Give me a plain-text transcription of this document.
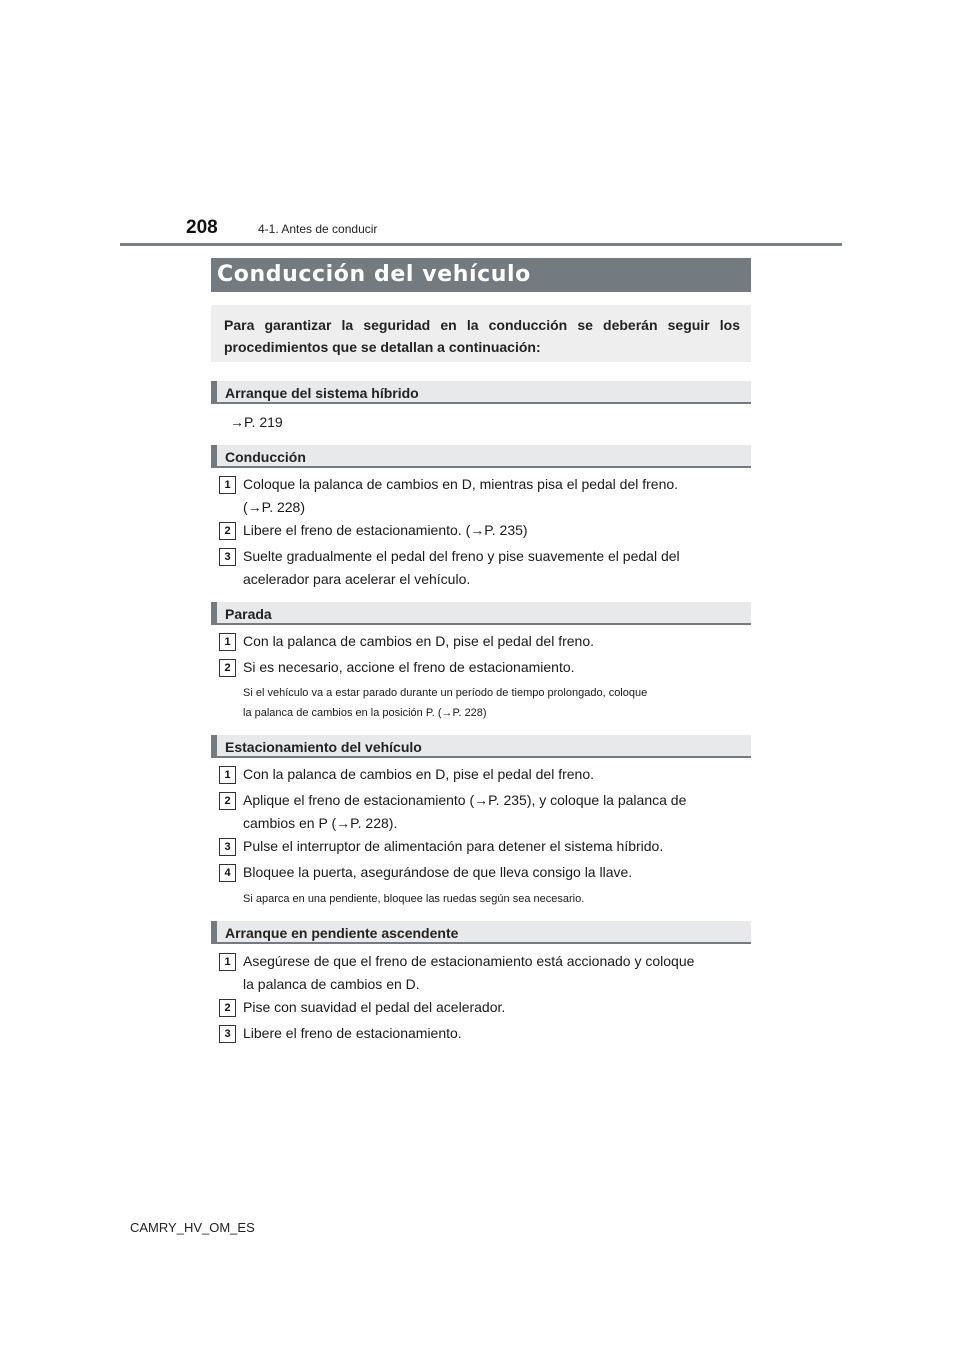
208	4-1. Antes de conducir
Conducción del vehículo

Para garantizar la seguridad en la conducción se deberán seguir los procedimientos que se detallan a continuación:

Arranque del sistema híbrido
→P. 219
Conducción
1 Coloque la palanca de cambios en D, mientras pisa el pedal del freno.
(→P. 228)
2 Libere el freno de estacionamiento. (→P. 235)
3 Suelte gradualmente el pedal del freno y pise suavemente el pedal del
acelerador para acelerar el vehículo.
Parada
1 Con la palanca de cambios en D, pise el pedal del freno.
2 Si es necesario, accione el freno de estacionamiento.
Si el vehículo va a estar parado durante un período de tiempo prolongado, coloque
la palanca de cambios en la posición P. (→P. 228)
Estacionamiento del vehículo
1 Con la palanca de cambios en D, pise el pedal del freno.
2 Aplique el freno de estacionamiento (→P. 235), y coloque la palanca de
cambios en P (→P. 228).
3 Pulse el interruptor de alimentación para detener el sistema híbrido.
4 Bloquee la puerta, asegurándose de que lleva consigo la llave.
Si aparca en una pendiente, bloquee las ruedas según sea necesario.
Arranque en pendiente ascendente
1 Asegúrese de que el freno de estacionamiento está accionado y coloque
la palanca de cambios en D.
2 Pise con suavidad el pedal del acelerador.
3 Libere el freno de estacionamiento.
CAMRY_HV_OM_ES
